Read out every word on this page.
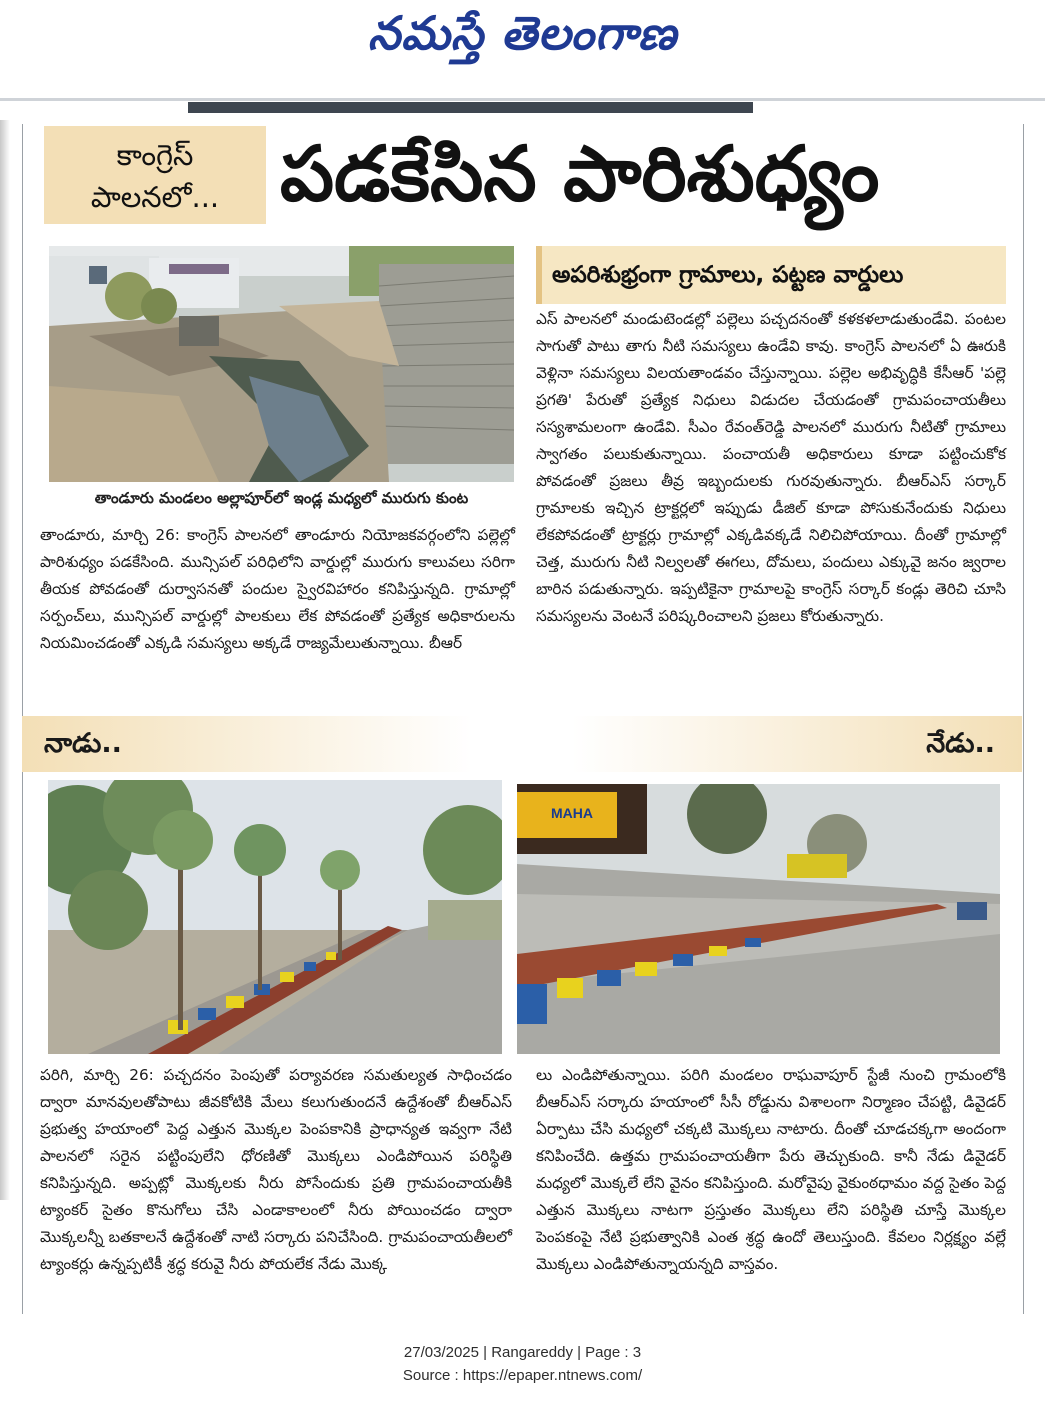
నమస్తే తెలంగాణ
కాంగ్రెస్
పాలనలో... పడకేసిన పారిశుధ్యం
తాండూరు మండలం అల్లాపూర్‌లో ఇండ్ల మధ్యలో మురుగు కుంట
అపరిశుభ్రంగా గ్రామాలు, పట్టణ వార్డులు
తాండూరు, మార్చి 26: కాంగ్రెస్ పాలనలో తాండూరు నియోజకవర్గంలోని పల్లెల్లో పారిశుధ్యం పడకేసింది. మున్సిపల్ పరిధిలోని వార్డుల్లో మురుగు కాలువలు సరిగా తీయక పోవడంతో దుర్వాసనతో పందుల స్వైరవిహారం కనిపిస్తున్నది. గ్రామాల్లో సర్పంచ్‌లు, మున్సిపల్ వార్డుల్లో పాలకులు లేక పోవడంతో ప్రత్యేక అధికారులను నియమించడంతో ఎక్కడి సమస్యలు అక్కడే రాజ్యమేలుతున్నాయి. బీఆర్
ఎస్ పాలనలో మండుటెండల్లో పల్లెలు పచ్చదనంతో కళకళలాడుతుండేవి. పంటల సాగుతో పాటు తాగు నీటి సమస్యలు ఉండేవి కావు. కాంగ్రెస్ పాలనలో ఏ ఊరుకి వెళ్లినా సమస్యలు విలయతాండవం చేస్తున్నాయి. పల్లెల అభివృద్ధికి కేసీఆర్ 'పల్లె ప్రగతి' పేరుతో ప్రత్యేక నిధులు విడుదల చేయడంతో గ్రామపంచాయతీలు సస్యశామలంగా ఉండేవి. సీఎం రేవంత్‌రెడ్డి పాలనలో మురుగు నీటితో గ్రామాలు స్వాగతం పలుకుతున్నాయి. పంచాయతీ అధికారులు కూడా పట్టించుకోక పోవడంతో ప్రజలు తీవ్ర ఇబ్బందులకు గురవుతున్నారు. బీఆర్‌ఎస్ సర్కార్ గ్రామాలకు ఇచ్చిన ట్రాక్టర్లలో ఇప్పుడు డీజిల్ కూడా పోసుకునేందుకు నిధులు లేకపోవడంతో ట్రాక్టర్లు గ్రామాల్లో ఎక్కడివక్కడే నిలిచిపోయాయి. దీంతో గ్రామాల్లో చెత్త, మురుగు నీటి నిల్వలతో ఈగలు, దోమలు, పందులు ఎక్కువై జనం జ్వరాల బారిన పడుతున్నారు. ఇప్పటికైనా గ్రామాలపై కాంగ్రెస్ సర్కార్ కండ్లు తెరిచి చూసి సమస్యలను వెంటనే పరిష్కరించాలని ప్రజలు కోరుతున్నారు.
నాడు..	నేడు..
MAHA
పరిగి, మార్చి 26: పచ్చదనం పెంపుతో పర్యావరణ సమతుల్యత సాధించడం ద్వారా మానవులతోపాటు జీవకోటికి మేలు కలుగుతుందనే ఉద్దేశంతో బీఆర్‌ఎస్ ప్రభుత్వ హయాంలో పెద్ద ఎత్తున మొక్కల పెంపకానికి ప్రాధాన్యత ఇవ్వగా నేటి పాలనలో సరైన పట్టింపులేని ధోరణితో మొక్కలు ఎండిపోయిన పరిస్థితి కనిపిస్తున్నది. అప్పట్లో మొక్కలకు నీరు పోసేందుకు ప్రతి గ్రామపంచాయతీకి ట్యాంకర్ సైతం కొనుగోలు చేసి ఎండాకాలంలో నీరు పోయించడం ద్వారా మొక్కలన్నీ బతకాలనే ఉద్దేశంతో నాటి సర్కారు పనిచేసింది. గ్రామపంచాయతీలలో ట్యాంకర్లు ఉన్నప్పటికీ శ్రద్ధ కరువై నీరు పోయలేక నేడు మొక్క
లు ఎండిపోతున్నాయి. పరిగి మండలం రాఘవాపూర్ స్టేజీ నుంచి గ్రామంలోకి బీఆర్‌ఎస్ సర్కారు హయాంలో సీసీ రోడ్డును విశాలంగా నిర్మాణం చేపట్టి, డివైడర్ ఏర్పాటు చేసి మధ్యలో చక్కటి మొక్కలు నాటారు. దీంతో చూడచక్కగా అందంగా కనిపించేది. ఉత్తమ గ్రామపంచాయతీగా పేరు తెచ్చుకుంది. కానీ నేడు డివైడర్ మధ్యలో మొక్కలే లేని వైనం కనిపిస్తుంది. మరోవైపు వైకుంఠధామం వద్ద సైతం పెద్ద ఎత్తున మొక్కలు నాటగా ప్రస్తుతం మొక్కలు లేని పరిస్థితి చూస్తే మొక్కల పెంపకంపై నేటి ప్రభుత్వానికి ఎంత శ్రద్ధ ఉందో తెలుస్తుంది. కేవలం నిర్లక్ష్యం వల్లే మొక్కలు ఎండిపోతున్నాయన్నది వాస్తవం.
27/03/2025 | Rangareddy | Page : 3
Source : https://epaper.ntnews.com/
